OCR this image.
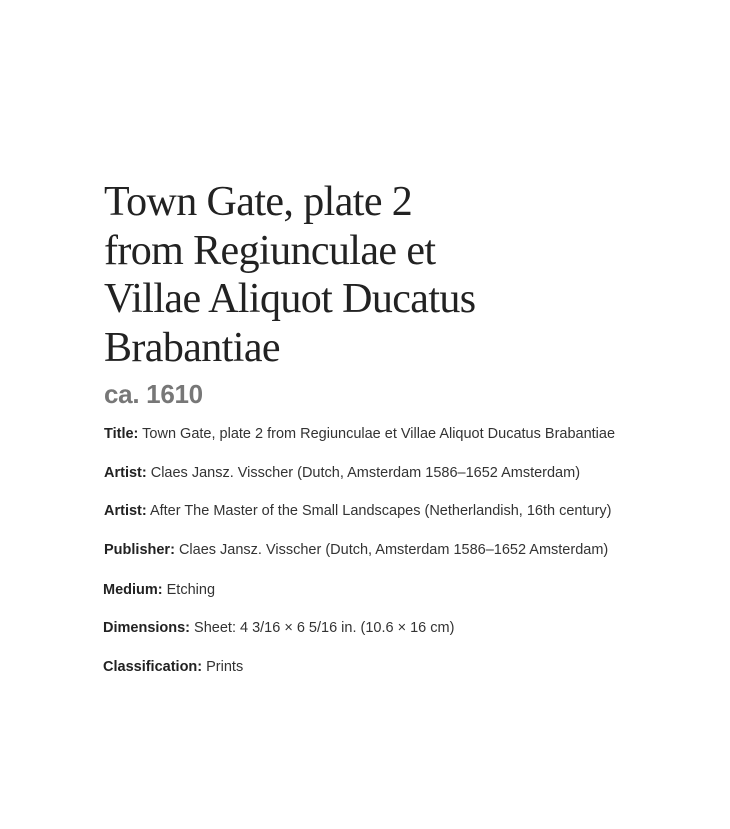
Town Gate, plate 2
from Regiunculae et
Villae Aliquot Ducatus
Brabantiae
ca. 1610
Title: Town Gate, plate 2 from Regiunculae et Villae Aliquot Ducatus Brabantiae
Artist: Claes Jansz. Visscher (Dutch, Amsterdam 1586–1652 Amsterdam)
Artist: After The Master of the Small Landscapes (Netherlandish, 16th century)
Publisher: Claes Jansz. Visscher (Dutch, Amsterdam 1586–1652 Amsterdam)
Medium: Etching
Dimensions: Sheet: 4 3/16 × 6 5/16 in. (10.6 × 16 cm)
Classification: Prints
